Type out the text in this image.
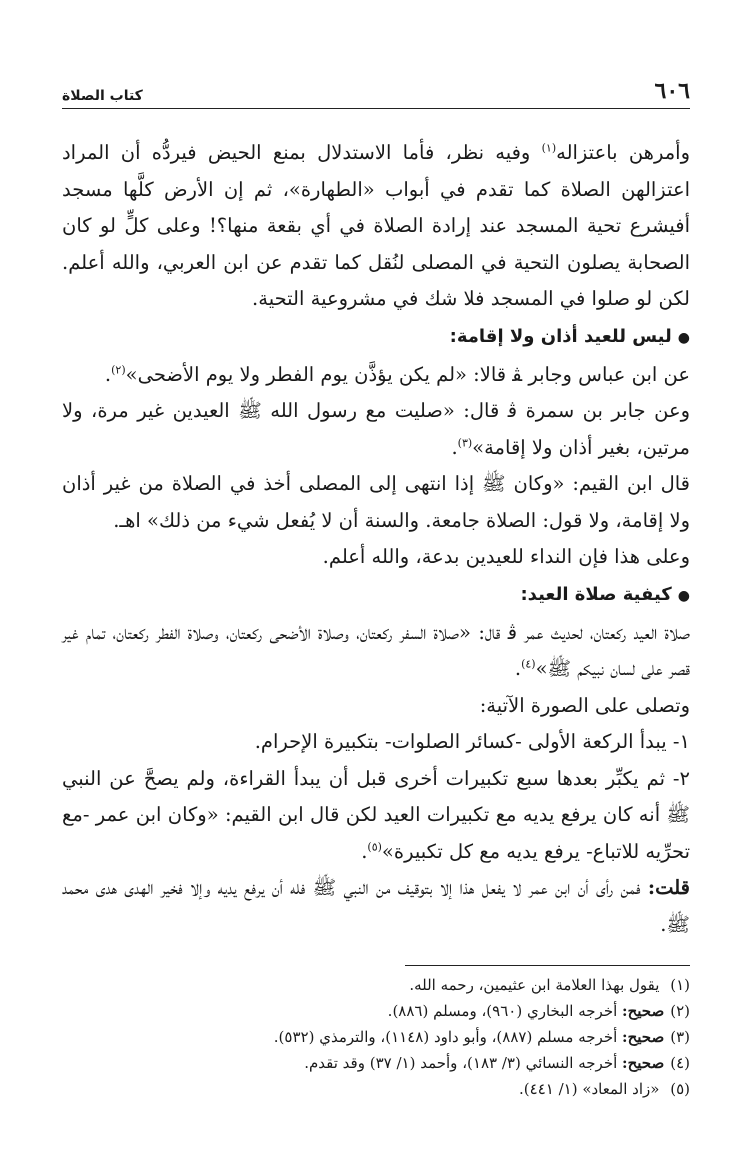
٦٠٦
كتاب الصلاة

وأمرهن باعتزاله$^{(١)}$ وفيه نظر، فأما الاستدلال بمنع الحيض فيردُّه أن المراد اعتزالهن الصلاة كما تقدم في أبواب «الطهارة»، ثم إن الأرض كلَّها مسجد أفيشرع تحية المسجد عند إرادة الصلاة في أي بقعة منها؟! وعلى كلٍّ لو كان الصحابة يصلون التحية في المصلى لنُقل كما تقدم عن ابن العربي، والله أعلم. لكن لو صلوا في المسجد فلا شك في مشروعية التحية.

●ليس للعيد أذان ولا إقامة:

عن ابن عباس وجابر ﭭ قالا: «لم يكن يؤذَّن يوم الفطر ولا يوم الأضحى»$^{(٢)}$.

وعن جابر بن سمرة ﭬ قال: «صليت مع رسول الله ﷺ العيدين غير مرة، ولا مرتين، بغير أذان ولا إقامة»$^{(٣)}$.

قال ابن القيم: «وكان ﷺ إذا انتهى إلى المصلى أخذ في الصلاة من غير أذان ولا إقامة، ولا قول: الصلاة جامعة. والسنة أن لا يُفعل شيء من ذلك» اهـ.

وعلى هذا فإن النداء للعيدين بدعة، والله أعلم.

●كيفية صلاة العيد:

صلاة العيد ركعتان، لحديث عمر ﭬ قال: «صلاة السفر ركعتان، وصلاة الأضحى ركعتان، وصلاة الفطر ركعتان، تمام غير قصر على لسان نبيكم ﷺ»$^{(٤)}$.

وتصلى على الصورة الآتية:

١- يبدأ الركعة الأولى -كسائر الصلوات- بتكبيرة الإحرام.

٢- ثم يكبِّر بعدها سبع تكبيرات أخرى قبل أن يبدأ القراءة، ولم يصحَّ عن النبي ﷺ أنه كان يرفع يديه مع تكبيرات العيد لكن قال ابن القيم: «وكان ابن عمر -مع تحرِّيه للاتباع- يرفع يديه مع كل تكبيرة»$^{(٥)}$.

قلت: فمن رأى أن ابن عمر لا يفعل هذا إلا بتوقيف من النبي ﷺ فله أن يرفع يديه وإلا فخير الهدى هدى محمد ﷺ.

(١) يقول بهذا العلامة ابن عثيمين، رحمه الله.

(٢)صحيح: أخرجه البخاري (٩٦٠)، ومسلم (٨٨٦).

(٣)صحيح: أخرجه مسلم (٨٨٧)، وأبو داود (١١٤٨)، والترمذي (٥٣٢).

(٤)صحيح: أخرجه النسائي (٣/ ١٨٣)، وأحمد (١/ ٣٧) وقد تقدم.

(٥) «زاد المعاد» (١/ ٤٤١).
